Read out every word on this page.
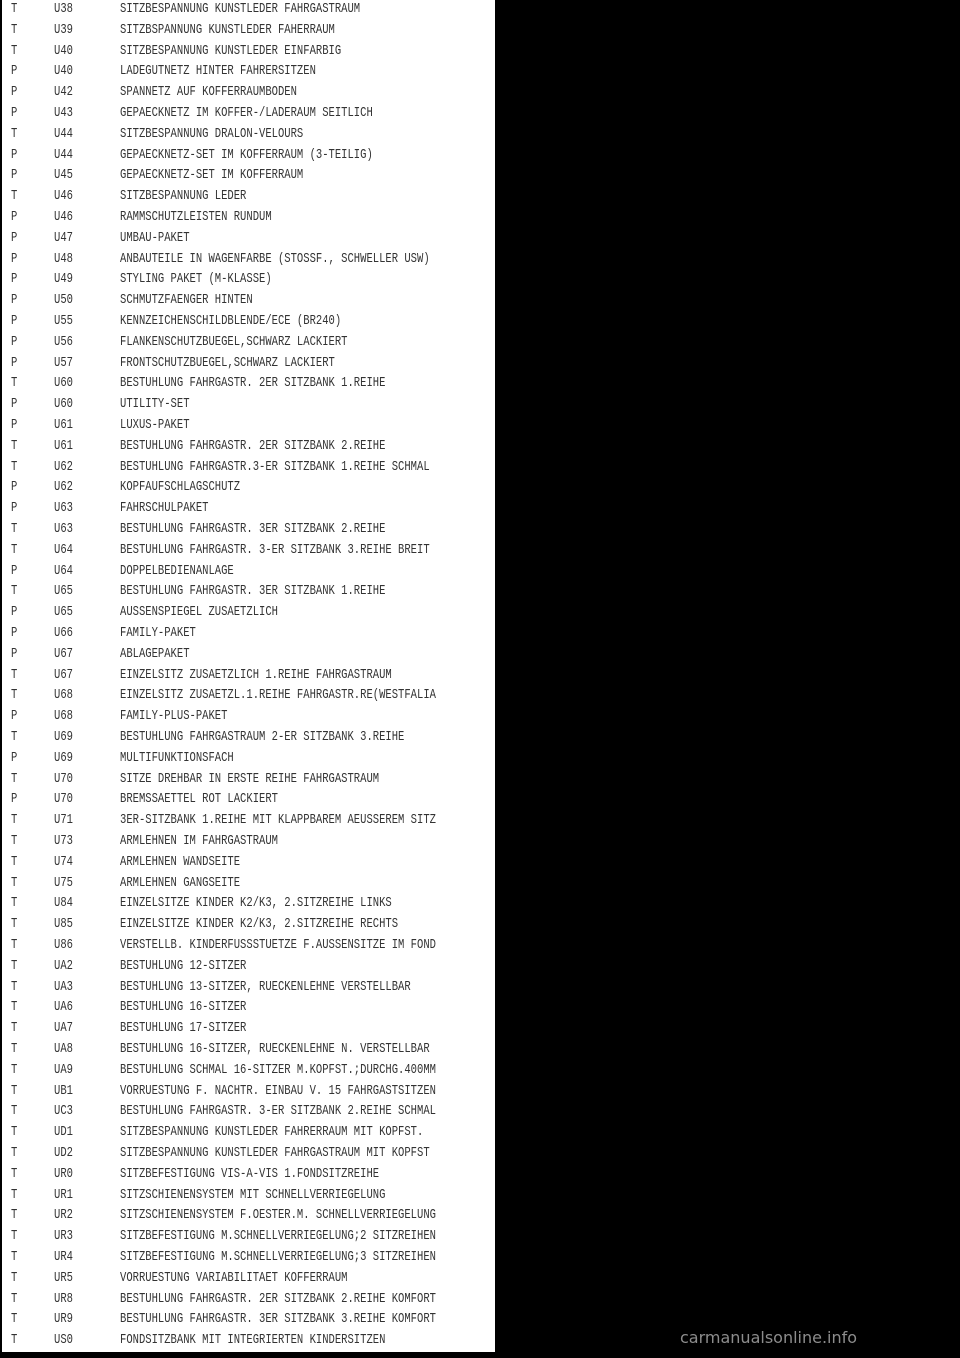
T	U38	SITZBESPANNUNG KUNSTLEDER FAHRGASTRAUM
T	U39	SITZBSPANNUNG KUNSTLEDER FAHERRAUM
T	U40	SITZBESPANNUNG KUNSTLEDER EINFARBIG
P	U40	LADEGUTNETZ HINTER FAHRERSITZEN
P	U42	SPANNETZ AUF KOFFERRAUMBODEN
P	U43	GEPAECKNETZ IM KOFFER-/LADERAUM SEITLICH
T	U44	SITZBESPANNUNG DRALON-VELOURS
P	U44	GEPAECKNETZ-SET IM KOFFERRAUM (3-TEILIG)
P	U45	GEPAECKNETZ-SET IM KOFFERRAUM
T	U46	SITZBESPANNUNG LEDER
P	U46	RAMMSCHUTZLEISTEN RUNDUM
P	U47	UMBAU-PAKET
P	U48	ANBAUTEILE IN WAGENFARBE (STOSSF., SCHWELLER USW)
P	U49	STYLING PAKET (M-KLASSE)
P	U50	SCHMUTZFAENGER HINTEN
P	U55	KENNZEICHENSCHILDBLENDE/ECE (BR240)
P	U56	FLANKENSCHUTZBUEGEL,SCHWARZ LACKIERT
P	U57	FRONTSCHUTZBUEGEL,SCHWARZ LACKIERT
T	U60	BESTUHLUNG FAHRGASTR. 2ER SITZBANK 1.REIHE
P	U60	UTILITY-SET
P	U61	LUXUS-PAKET
T	U61	BESTUHLUNG FAHRGASTR. 2ER SITZBANK 2.REIHE
T	U62	BESTUHLUNG FAHRGASTR.3-ER SITZBANK 1.REIHE SCHMAL
P	U62	KOPFAUFSCHLAGSCHUTZ
P	U63	FAHRSCHULPAKET
T	U63	BESTUHLUNG FAHRGASTR. 3ER SITZBANK 2.REIHE
T	U64	BESTUHLUNG FAHRGASTR. 3-ER SITZBANK 3.REIHE BREIT
P	U64	DOPPELBEDIENANLAGE
T	U65	BESTUHLUNG FAHRGASTR. 3ER SITZBANK 1.REIHE
P	U65	AUSSENSPIEGEL ZUSAETZLICH
P	U66	FAMILY-PAKET
P	U67	ABLAGEPAKET
T	U67	EINZELSITZ ZUSAETZLICH 1.REIHE FAHRGASTRAUM
T	U68	EINZELSITZ ZUSAETZL.1.REIHE FAHRGASTR.RE(WESTFALIA
P	U68	FAMILY-PLUS-PAKET
T	U69	BESTUHLUNG FAHRGASTRAUM 2-ER SITZBANK 3.REIHE
P	U69	MULTIFUNKTIONSFACH
T	U70	SITZE DREHBAR IN ERSTE REIHE FAHRGASTRAUM
P	U70	BREMSSAETTEL ROT LACKIERT
T	U71	3ER-SITZBANK 1.REIHE MIT KLAPPBAREM AEUSSEREM SITZ
T	U73	ARMLEHNEN IM FAHRGASTRAUM
T	U74	ARMLEHNEN WANDSEITE
T	U75	ARMLEHNEN GANGSEITE
T	U84	EINZELSITZE KINDER K2/K3, 2.SITZREIHE LINKS
T	U85	EINZELSITZE KINDER K2/K3, 2.SITZREIHE RECHTS
T	U86	VERSTELLB. KINDERFUSSSTUETZE F.AUSSENSITZE IM FOND
T	UA2	BESTUHLUNG 12-SITZER
T	UA3	BESTUHLUNG 13-SITZER, RUECKENLEHNE VERSTELLBAR
T	UA6	BESTUHLUNG 16-SITZER
T	UA7	BESTUHLUNG 17-SITZER
T	UA8	BESTUHLUNG 16-SITZER, RUECKENLEHNE N. VERSTELLBAR
T	UA9	BESTUHLUNG SCHMAL 16-SITZER M.KOPFST.;DURCHG.400MM
T	UB1	VORRUESTUNG F. NACHTR. EINBAU V. 15 FAHRGASTSITZEN
T	UC3	BESTUHLUNG FAHRGASTR. 3-ER SITZBANK 2.REIHE SCHMAL
T	UD1	SITZBESPANNUNG KUNSTLEDER FAHRERRAUM MIT KOPFST.
T	UD2	SITZBESPANNUNG KUNSTLEDER FAHRGASTRAUM MIT KOPFST
T	UR0	SITZBEFESTIGUNG VIS-A-VIS 1.FONDSITZREIHE
T	UR1	SITZSCHIENENSYSTEM MIT SCHNELLVERRIEGELUNG
T	UR2	SITZSCHIENENSYSTEM F.OESTER.M. SCHNELLVERRIEGELUNG
T	UR3	SITZBEFESTIGUNG M.SCHNELLVERRIEGELUNG;2 SITZREIHEN
T	UR4	SITZBEFESTIGUNG M.SCHNELLVERRIEGELUNG;3 SITZREIHEN
T	UR5	VORRUESTUNG VARIABILITAET KOFFERRAUM
T	UR8	BESTUHLUNG FAHRGASTR. 2ER SITZBANK 2.REIHE KOMFORT
T	UR9	BESTUHLUNG FAHRGASTR. 3ER SITZBANK 3.REIHE KOMFORT
T	US0	FONDSITZBANK MIT INTEGRIERTEN KINDERSITZEN	carmanualsonline.info
